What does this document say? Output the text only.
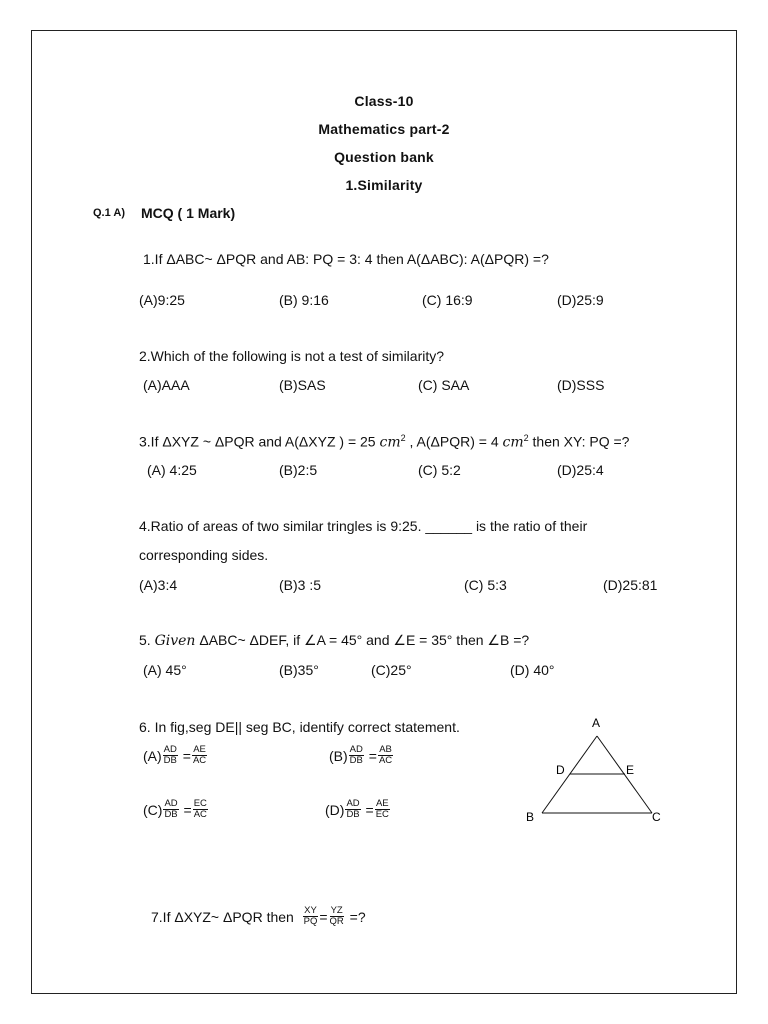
Class-10
Mathematics part-2
Question bank
1.Similarity
Q.1 A) MCQ ( 1 Mark)
1.If ΔABC~ ΔPQR and AB: PQ = 3: 4 then A(ΔABC): A(ΔPQR) =?
(A)9:25	(B) 9:16	(C) 16:9	(D)25:9
2.Which of the following is not a test of similarity?
(A)AAA	(B)SAS	(C) SAA	(D)SSS
3.If ΔXYZ ~ ΔPQR and A(ΔXYZ ) = 25 $cm^2$ , A(ΔPQR) = 4 $cm^2$ then XY: PQ =?
(A) 4:25	(B)2:5	(C) 5:2	(D)25:4
4.Ratio of areas of two similar tringles is 9:25. ______ is the ratio of their
corresponding sides.
(A)3:4	(B)3 :5	(C) 5:3	(D)25:81
5. Given ΔABC~ ΔDEF, if ∠A = 45° and ∠E = 35° then ∠B =?
(A) 45°	(B)35°	(C)25°	(D) 40°
6. In fig,seg DE|| seg BC, identify correct statement.
$(A) \frac{AD}{DB} = \frac{AE}{AC}$	$(B) \frac{AD}{DB} = \frac{AB}{AC}$
$(C) \frac{AD}{DB} = \frac{EC}{AC}$	$(D) \frac{AD}{DB} = \frac{AE}{EC}$
A
B	C
D	E
7.If ΔXYZ~ ΔPQR then
$\frac{XY}{PQ} = \frac{YZ}{QR}$
=?
